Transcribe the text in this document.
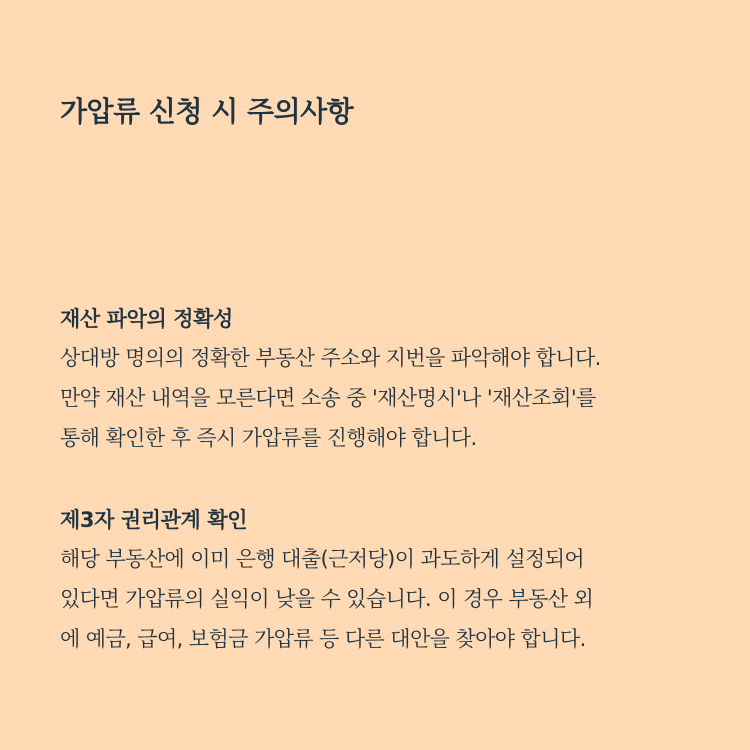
가압류 신청 시 주의사항
재산 파악의 정확성

상대방 명의의 정확한 부동산 주소와 지번을 파악해야 합니다.

만약 재산 내역을 모른다면 소송 중 '재산명시'나 '재산조회'를

통해 확인한 후 즉시 가압류를 진행해야 합니다.

제3자 권리관계 확인

해당 부동산에 이미 은행 대출(근저당)이 과도하게 설정되어

있다면 가압류의 실익이 낮을 수 있습니다. 이 경우 부동산 외

에 예금, 급여, 보험금 가압류 등 다른 대안을 찾아야 합니다.
